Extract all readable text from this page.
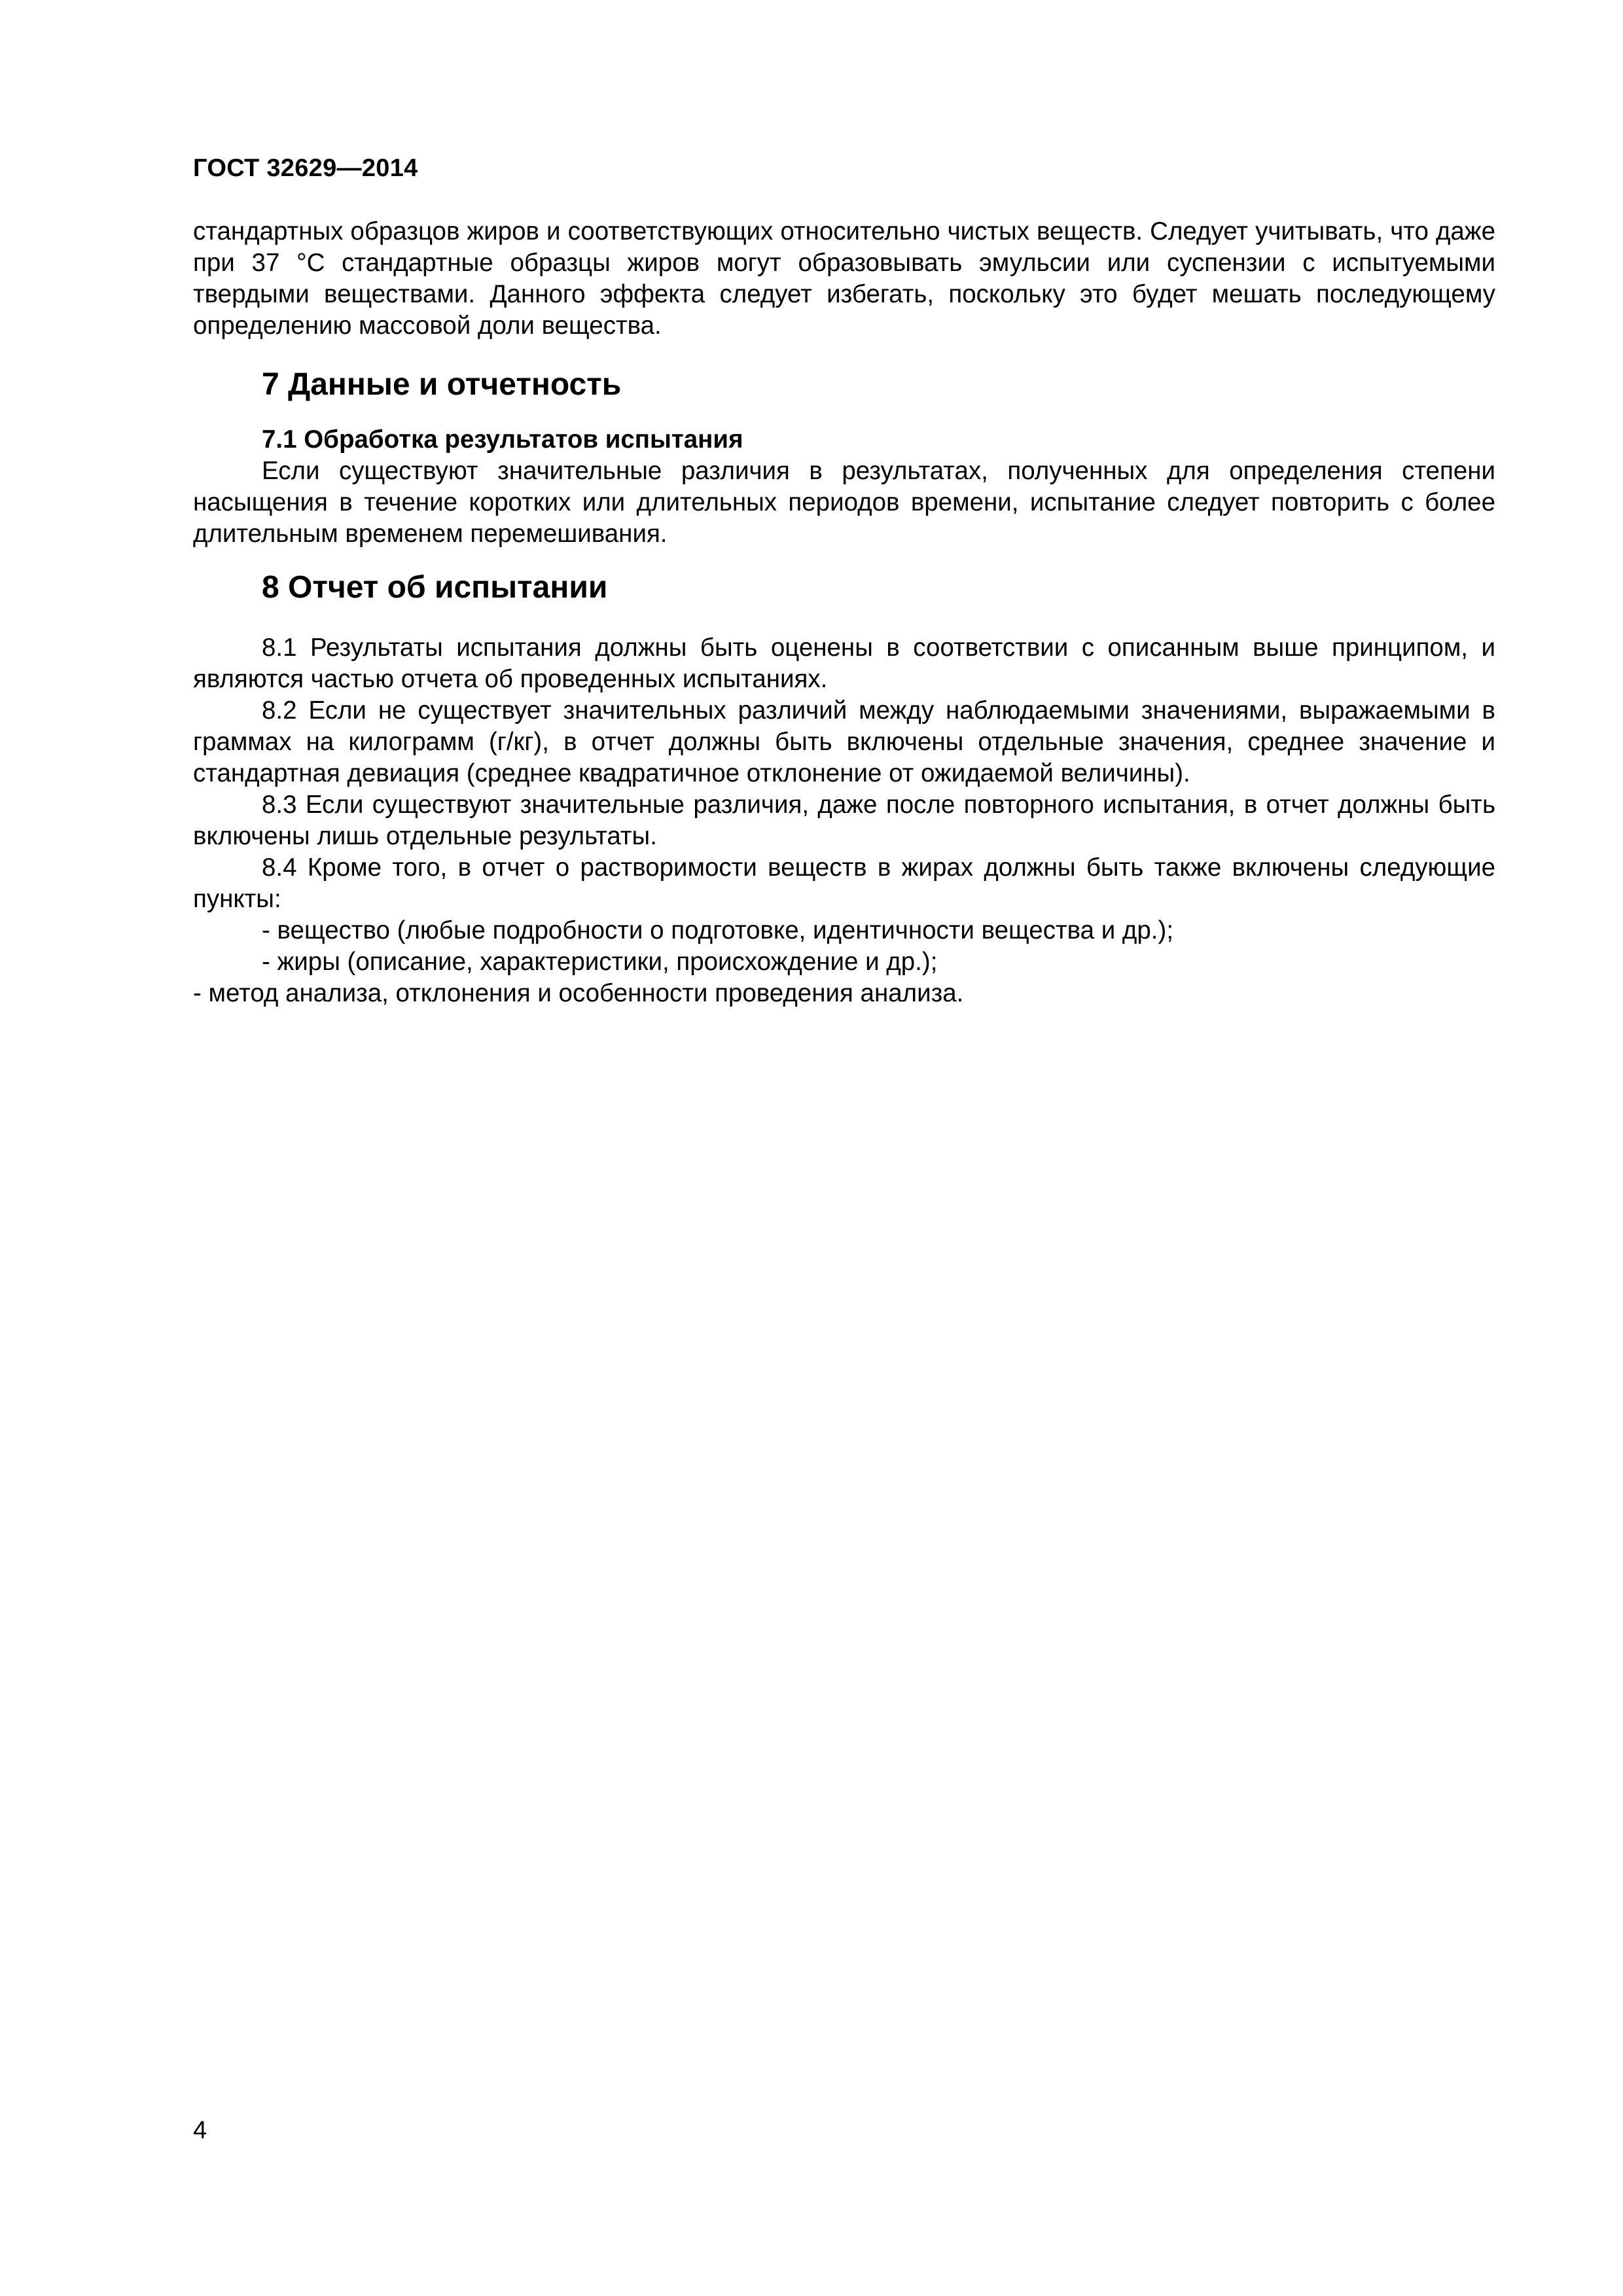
ГОСТ 32629—2014

стандартных образцов жиров и соответствующих относительно чистых веществ. Следует учитывать, что даже при 37 °С стандартные образцы жиров могут образовывать эмульсии или суспензии с испытуемыми твердыми веществами. Данного эффекта следует избегать, поскольку это будет мешать последующему определению массовой доли вещества.

7 Данные и отчетность
7.1 Обработка результатов испытания

Если существуют значительные различия в результатах, полученных для определения степени насыщения в течение коротких или длительных периодов времени, испытание следует повторить с более длительным временем перемешивания.

8 Отчет об испытании

8.1 Результаты испытания должны быть оценены в соответствии с описанным выше принципом, и являются частью отчета об проведенных испытаниях.

8.2 Если не существует значительных различий между наблюдаемыми значениями, выражаемыми в граммах на килограмм (г/кг), в отчет должны быть включены отдельные значения, среднее значение и стандартная девиация (среднее квадратичное отклонение от ожидаемой величины).

8.3 Если существуют значительные различия, даже после повторного испытания, в отчет должны быть включены лишь отдельные результаты.

8.4 Кроме того, в отчет о растворимости веществ в жирах должны быть также включены следующие пункты:

- вещество (любые подробности о подготовке, идентичности вещества и др.);

- жиры (описание, характеристики, происхождение и др.);

- метод анализа, отклонения и особенности проведения анализа.

4
